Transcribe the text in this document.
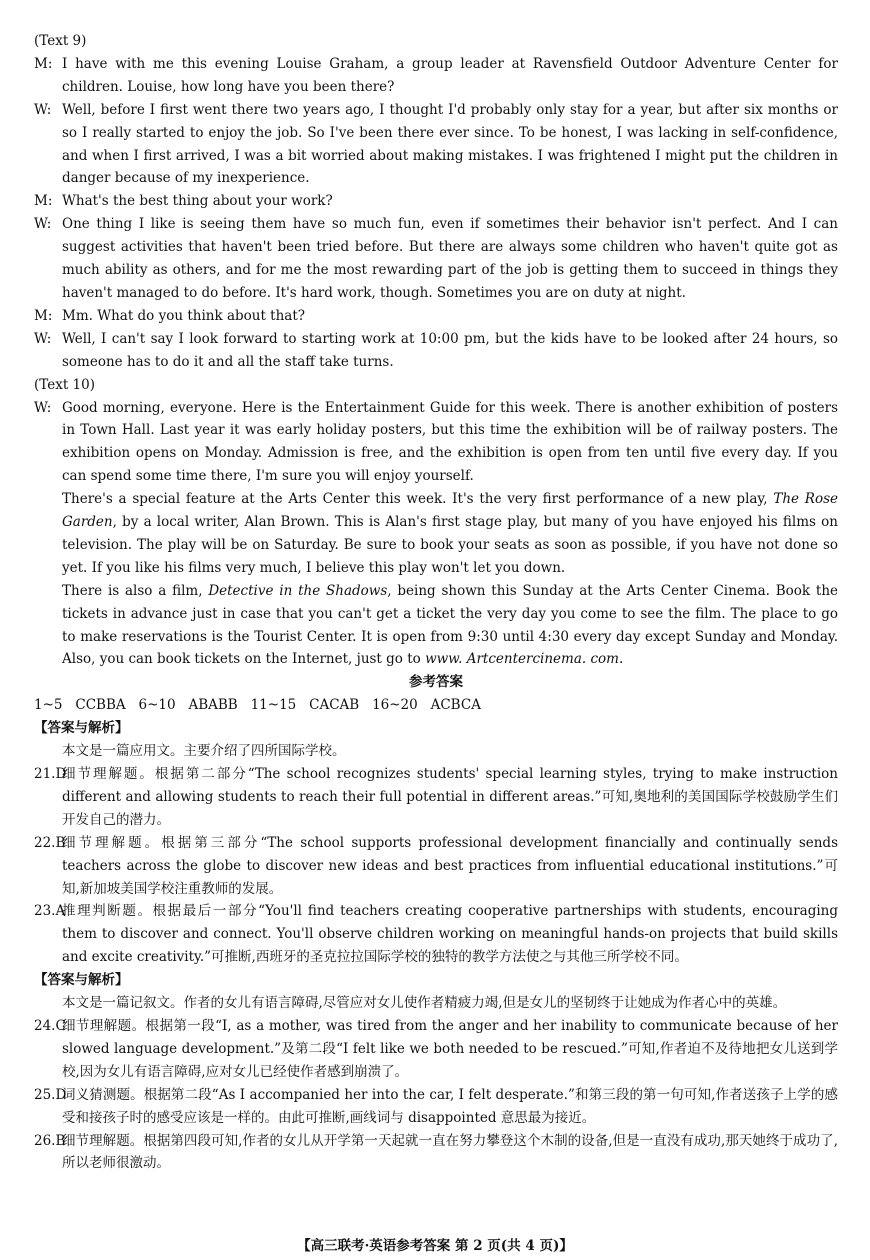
(Text 9)
M: I have with me this evening Louise Graham, a group leader at Ravensfield Outdoor Adventure Center for children. Louise, how long have you been there?
W: Well, before I first went there two years ago, I thought I'd probably only stay for a year, but after six months or so I really started to enjoy the job. So I've been there ever since. To be honest, I was lacking in self-confidence, and when I first arrived, I was a bit worried about making mistakes. I was frightened I might put the children in danger because of my inexperience.
M: What's the best thing about your work?
W: One thing I like is seeing them have so much fun, even if sometimes their behavior isn't perfect. And I can suggest activities that haven't been tried before. But there are always some children who haven't quite got as much ability as others, and for me the most rewarding part of the job is getting them to succeed in things they haven't managed to do before. It's hard work, though. Sometimes you are on duty at night.
M: Mm. What do you think about that?
W: Well, I can't say I look forward to starting work at 10:00 pm, but the kids have to be looked after 24 hours, so someone has to do it and all the staff take turns.
(Text 10)
W: Good morning, everyone. Here is the Entertainment Guide for this week. There is another exhibition of posters in Town Hall. Last year it was early holiday posters, but this time the exhibition will be of railway posters. The exhibition opens on Monday. Admission is free, and the exhibition is open from ten until five every day. If you can spend some time there, I'm sure you will enjoy yourself.
There's a special feature at the Arts Center this week. It's the very first performance of a new play, The Rose Garden, by a local writer, Alan Brown. This is Alan's first stage play, but many of you have enjoyed his films on television. The play will be on Saturday. Be sure to book your seats as soon as possible, if you have not done so yet. If you like his films very much, I believe this play won't let you down.
There is also a film, Detective in the Shadows, being shown this Sunday at the Arts Center Cinema. Book the tickets in advance just in case that you can't get a ticket the very day you come to see the film. The place to go to make reservations is the Tourist Center. It is open from 9:30 until 4:30 every day except Sunday and Monday. Also, you can book tickets on the Internet, just go to www. Artcentercinema. com.
参考答案
1~5   CCBBA   6~10   ABABB   11~15   CACAB   16~20   ACBCA
【答案与解析】
本文是一篇应用文。主要介绍了四所国际学校。
21.D
细节理解题。根据第二部分“The school recognizes students' special learning styles, trying to make instruction different and allowing students to reach their full potential in different areas.”可知,奥地利的美国国际学校鼓励学生们开发自己的潜力。
22.B
细节理解题。根据第三部分“The school supports professional development financially and continually sends teachers across the globe to discover new ideas and best practices from influential educational institutions.”可知,新加坡美国学校注重教师的发展。
23.A
推理判断题。根据最后一部分“You'll find teachers creating cooperative partnerships with students, encouraging them to discover and connect. You'll observe children working on meaningful hands-on projects that build skills and excite creativity.”可推断,西班牙的圣克拉拉国际学校的独特的教学方法使之与其他三所学校不同。
【答案与解析】
本文是一篇记叙文。作者的女儿有语言障碍,尽管应对女儿使作者精疲力竭,但是女儿的坚韧终于让她成为作者心中的英雄。
24.C
细节理解题。根据第一段“I, as a mother, was tired from the anger and her inability to communicate because of her slowed language development.”及第二段“I felt like we both needed to be rescued.”可知,作者迫不及待地把女儿送到学校,因为女儿有语言障碍,应对女儿已经使作者感到崩溃了。
25.D
词义猜测题。根据第二段“As I accompanied her into the car, I felt desperate.”和第三段的第一句可知,作者送孩子上学的感受和接孩子时的感受应该是一样的。由此可推断,画线词与 disappointed 意思最为接近。
26.B
细节理解题。根据第四段可知,作者的女儿从开学第一天起就一直在努力攀登这个木制的设备,但是一直没有成功,那天她终于成功了,所以老师很激动。
【高三联考·英语参考答案 第 2 页(共 4 页)】
